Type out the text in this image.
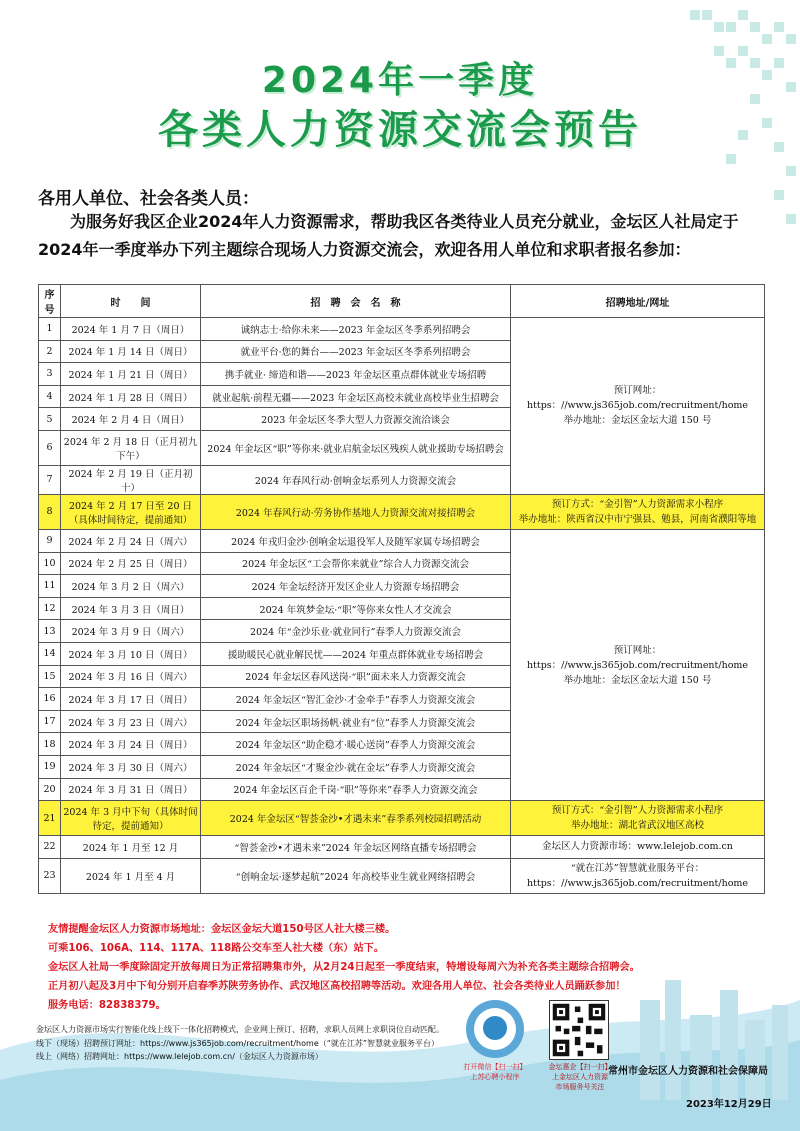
2024年一季度
各类人力资源交流会预告
各用人单位、社会各类人员：
为服务好我区企业2024年人力资源需求，帮助我区各类待业人员充分就业，金坛区人社局定于2024年一季度举办下列主题综合现场人力资源交流会，欢迎各用人单位和求职者报名参加：
序号	时　　间	招　聘　会　名　称	招聘地址/网址
1	2024 年 1 月 7 日（周日）	诚纳志士·给你未来——2023 年金坛区冬季系列招聘会	预订网址：
https：//www.js365job.com/recruitment/home
举办地址：金坛区金坛大道 150 号

2	2024 年 1 月 14 日（周日）	就业平台·您的舞台——2023 年金坛区冬季系列招聘会	
3	2024 年 1 月 21 日（周日）	携手就业· 缔造和谐——2023 年金坛区重点群体就业专场招聘	
4	2024 年 1 月 28 日（周日）	就业起航·前程无疆——2023 年金坛区高校未就业高校毕业生招聘会	
5	2024 年 2 月 4 日（周日）	2023 年金坛区冬季大型人力资源交流洽谈会	
6	2024 年 2 月 18 日（正月初九下午）	2024 年金坛区“职”等你来·就业启航金坛区残疾人就业援助专场招聘会	
7	2024 年 2 月 19 日（正月初十）	2024 年春风行动·创响金坛系列人力资源交流会	
8	2024 年 2 月 17 日至 20 日（具体时间待定，提前通知）	2024 年春风行动·劳务协作基地人力资源交流对接招聘会	预订方式：“金引智”人力资源需求小程序
举办地址：陕西省汉中市宁强县、勉县，河南省濮阳等地

9	2024 年 2 月 24 日（周六）	2024 年戎归金沙·创响金坛退役军人及随军家属专场招聘会	预订网址：
https：//www.js365job.com/recruitment/home
举办地址：金坛区金坛大道 150 号

10	2024 年 2 月 25 日（周日）	2024 年金坛区“工会帮你来就业”综合人力资源交流会	
11	2024 年 3 月 2 日（周六）	2024 年金坛经济开发区企业人力资源专场招聘会	
12	2024 年 3 月 3 日（周日）	2024 年筑梦金坛·“职”等你来女性人才交流会	
13	2024 年 3 月 9 日（周六）	2024 年“金沙乐业·就业同行”春季人力资源交流会	
14	2024 年 3 月 10 日（周日）	援助暖民心就业解民忧——2024 年重点群体就业专场招聘会	
15	2024 年 3 月 16 日（周六）	2024 年金坛区春风送岗·“职”面未来人力资源交流会	
16	2024 年 3 月 17 日（周日）	2024 年金坛区“智汇金沙·才金牵手”春季人力资源交流会	
17	2024 年 3 月 23 日（周六）	2024 年金坛区职场扬帆·就业有“位”春季人力资源交流会	
18	2024 年 3 月 24 日（周日）	2024 年金坛区“助企稳才·暖心送岗”春季人力资源交流会	
19	2024 年 3 月 30 日（周六）	2024 年金坛区“才聚金沙·就在金坛”春季人力资源交流会	
20	2024 年 3 月 31 日（周日）	2024 年金坛区百企千岗·“职”等你来”春季人力资源交流会	
21	2024 年 3 月中下旬（具体时间待定，提前通知）	2024 年金坛区“智荟金沙•才遇未来”春季系列校园招聘活动	预订方式：“金引智”人力资源需求小程序
举办地址：湖北省武汉地区高校

22	2024 年 1 月至 12 月	“智荟金沙•才遇未来”2024 年金坛区网络直播专场招聘会	金坛区人力资源市场：www.lelejob.com.cn

23	2024 年 1 月至 4 月	“创响金坛·逐梦起航”2024 年高校毕业生就业网络招聘会	“就在江苏”智慧就业服务平台：
https：//www.js365job.com/recruitment/home
友情提醒金坛区人力资源市场地址：金坛区金坛大道150号区人社大楼三楼。
可乘106、106A、114、117A、118路公交车至人社大楼（东）站下。
金坛区人社局一季度除固定开放每周日为正常招聘集市外，从2月24日起至一季度结束，特增设每周六为补充各类主题综合招聘会。
正月初八起及3月中下旬分别开启春季苏陕劳务协作、武汉地区高校招聘等活动。欢迎各用人单位、社会各类待业人员踊跃参加！
服务电话：82838379。
金坛区人力资源市场实行智能化线上线下一体化招聘模式，企业网上预订、招聘，求职人员网上求职岗位自动匹配。
线下（现场）招聘预订网址：https://www.js365job.com/recruitment/home（“就在江苏”智慧就业服务平台）
线上（网络）招聘网址：https://www.lelejob.com.cn/（金坛区人力资源市场）
打开微信【扫一扫】
上苏心聘小程序
金坛惠企【扫一扫】
上金坛区人力资源
市场服务号关注
常州市金坛区人力资源和社会保障局
2023年12月29日
